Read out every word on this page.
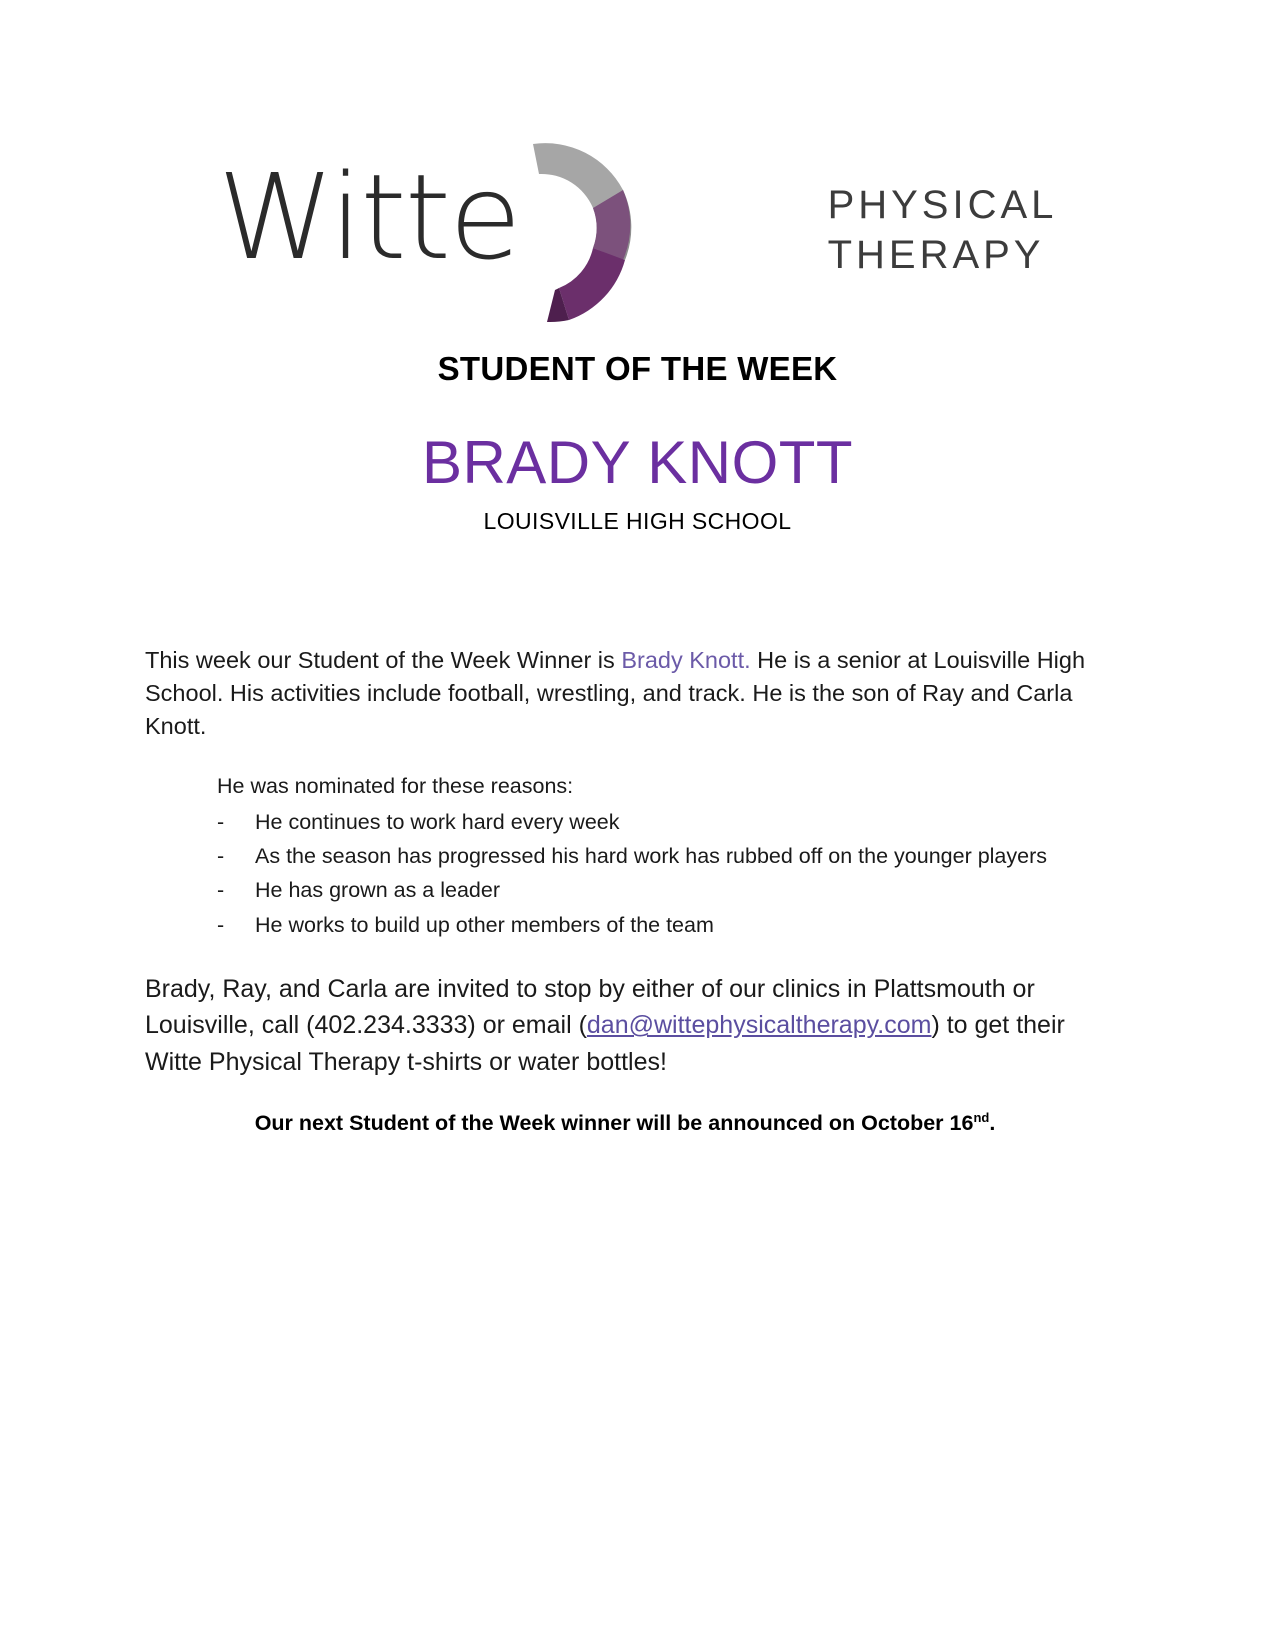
Witte	PHYSICAL
THERAPY
STUDENT OF THE WEEK
BRADY KNOTT
LOUISVILLE HIGH SCHOOL

This week our Student of the Week Winner is Brady Knott. He is a senior at Louisville High School. His activities include football, wrestling, and track. He is the son of Ray and Carla Knott.

He was nominated for these reasons:
-	He continues to work hard every week
-	As the season has progressed his hard work has rubbed off on the younger players
-	He has grown as a leader
-	He works to build up other members of the team

Brady, Ray, and Carla are invited to stop by either of our clinics in Plattsmouth or Louisville, call (402.234.3333) or email (dan@wittephysicaltherapy.com) to get their Witte Physical Therapy t-shirts or water bottles!

Our next Student of the Week winner will be announced on October 16nd.
